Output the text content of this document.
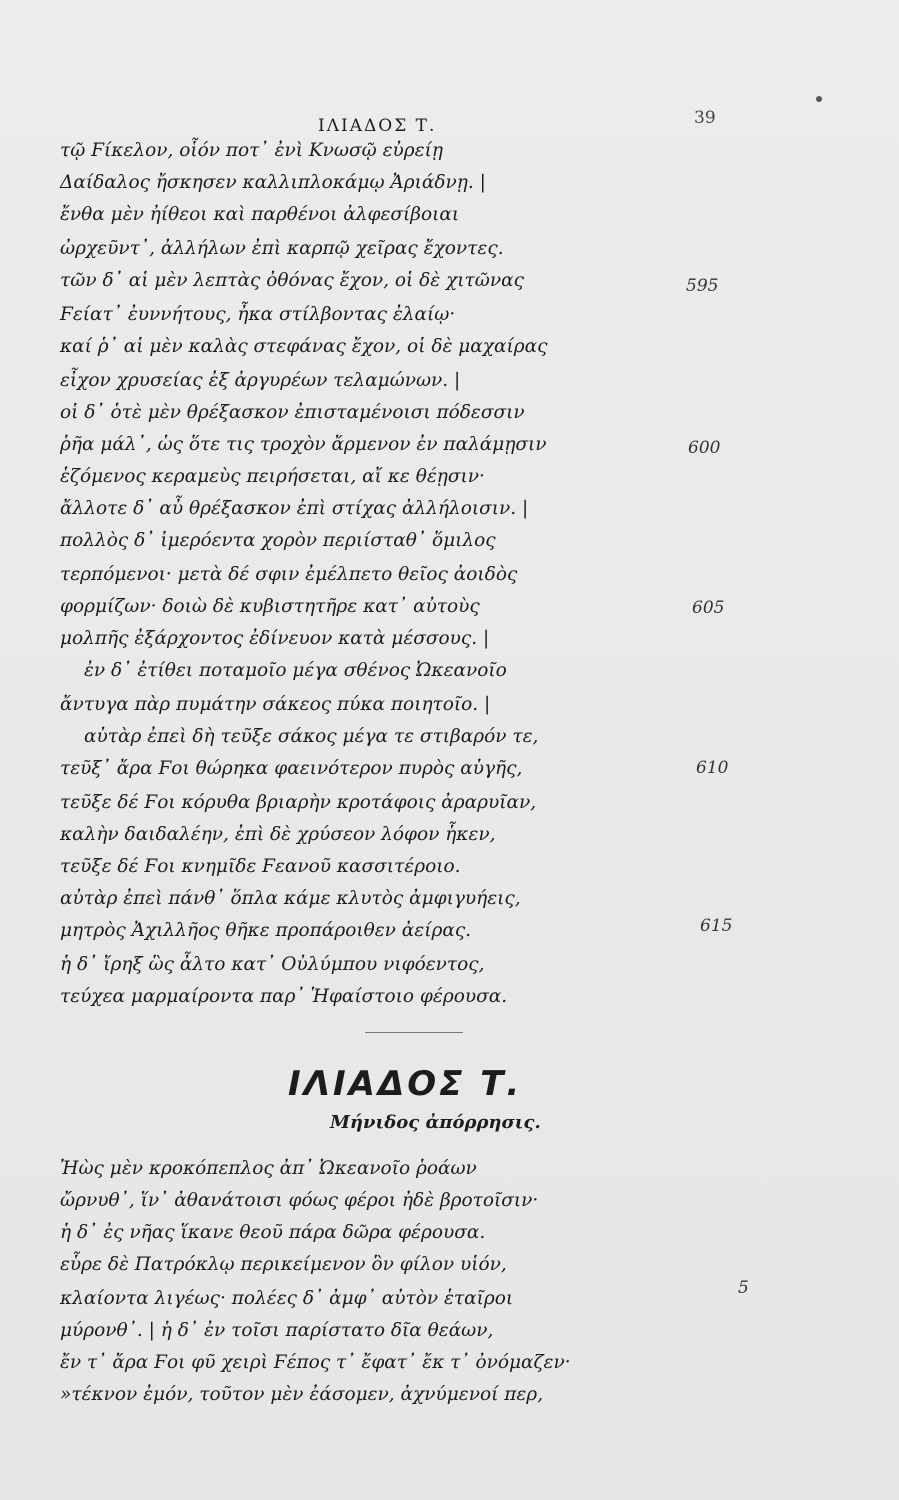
ΙΛΙΑΔΟΣ Τ.	39
τῷ Ϝίκελον, οἷόν ποτ᾽ ἐνὶ Κνωσῷ εὐρείῃ
Δαίδαλος ἤσκησεν καλλιπλοκάμῳ Ἀριάδνῃ. |
ἔνθα μὲν ἠίθεοι καὶ παρθένοι ἀλφεσίβοιαι
ὠρχεῦντ᾽, ἀλλήλων ἐπὶ καρπῷ χεῖρας ἔχοντες.
τῶν δ᾽ αἱ μὲν λεπτὰς ὀθόνας ἔχον, οἱ δὲ χιτῶνας
Ϝείατ᾽ ἐυννήτους, ἦκα στίλβοντας ἐλαίῳ·
καί ῥ᾽ αἱ μὲν καλὰς στεφάνας ἔχον, οἱ δὲ μαχαίρας
εἶχον χρυσείας ἐξ ἀργυρέων τελαμώνων. |
οἱ δ᾽ ὁτὲ μὲν θρέξασκον ἐπισταμένοισι πόδεσσιν
ῥῆα μάλ᾽, ὡς ὅτε τις τροχὸν ἄρμενον ἐν παλάμῃσιν
ἑζόμενος κεραμεὺς πειρήσεται, αἴ κε θέῃσιν·
ἄλλοτε δ᾽ αὖ θρέξασκον ἐπὶ στίχας ἀλλήλοισιν. |
πολλὸς δ᾽ ἱμερόεντα χορὸν περιίσταθ᾽ ὅμιλος
τερπόμενοι· μετὰ δέ σφιν ἐμέλπετο θεῖος ἀοιδὸς
φορμίζων· δοιὼ δὲ κυβιστητῆρε κατ᾽ αὐτοὺς
μολπῆς ἐξάρχοντος ἐδίνευον κατὰ μέσσους. |
ἐν δ᾽ ἐτίθει ποταμοῖο μέγα σθένος Ὠκεανοῖο
ἄντυγα πὰρ πυμάτην σάκεος πύκα ποιητοῖο. |
αὐτὰρ ἐπεὶ δὴ τεῦξε σάκος μέγα τε στιβαρόν τε,
τεῦξ᾽ ἄρα Ϝοι θώρηκα φαεινότερον πυρὸς αὐγῆς,
τεῦξε δέ Ϝοι κόρυθα βριαρὴν κροτάφοις ἀραρυῖαν,
καλὴν δαιδαλέην, ἐπὶ δὲ χρύσεον λόφον ἧκεν,
τεῦξε δέ Ϝοι κνημῖδε Ϝεανοῦ κασσιτέροιο.
αὐτὰρ ἐπεὶ πάνθ᾽ ὅπλα κάμε κλυτὸς ἀμφιγυήεις,
μητρὸς Ἀχιλλῆος θῆκε προπάροιθεν ἀείρας.
ἡ δ᾽ ἴρηξ ὣς ἆλτο κατ᾽ Οὐλύμπου νιφόεντος,
τεύχεα μαρμαίροντα παρ᾽ Ἡφαίστοιο φέρουσα.
595
600
605
610
615
ΙΛΙΑΔΟΣ Τ.
Μήνιδος ἀπόρρησις.
Ἠὼς μὲν κροκόπεπλος ἀπ᾽ Ὠκεανοῖο ῥοάων
ὤρνυθ᾽, ἵν᾽ ἀθανάτοισι φόως φέροι ἠδὲ βροτοῖσιν·
ἡ δ᾽ ἐς νῆας ἵκανε θεοῦ πάρα δῶρα φέρουσα.
εὗρε δὲ Πατρόκλῳ περικείμενον ὃν φίλον υἱόν,
κλαίοντα λιγέως· πολέες δ᾽ ἀμφ᾽ αὐτὸν ἑταῖροι
μύρονθ᾽. | ἡ δ᾽ ἐν τοῖσι παρίστατο δῖα θεάων,
ἔν τ᾽ ἄρα Ϝοι φῦ χειρὶ Ϝέπος τ᾽ ἔφατ᾽ ἔκ τ᾽ ὀνόμαζεν·
»τέκνον ἐμόν, τοῦτον μὲν ἐάσομεν, ἀχνύμενοί περ,
5
